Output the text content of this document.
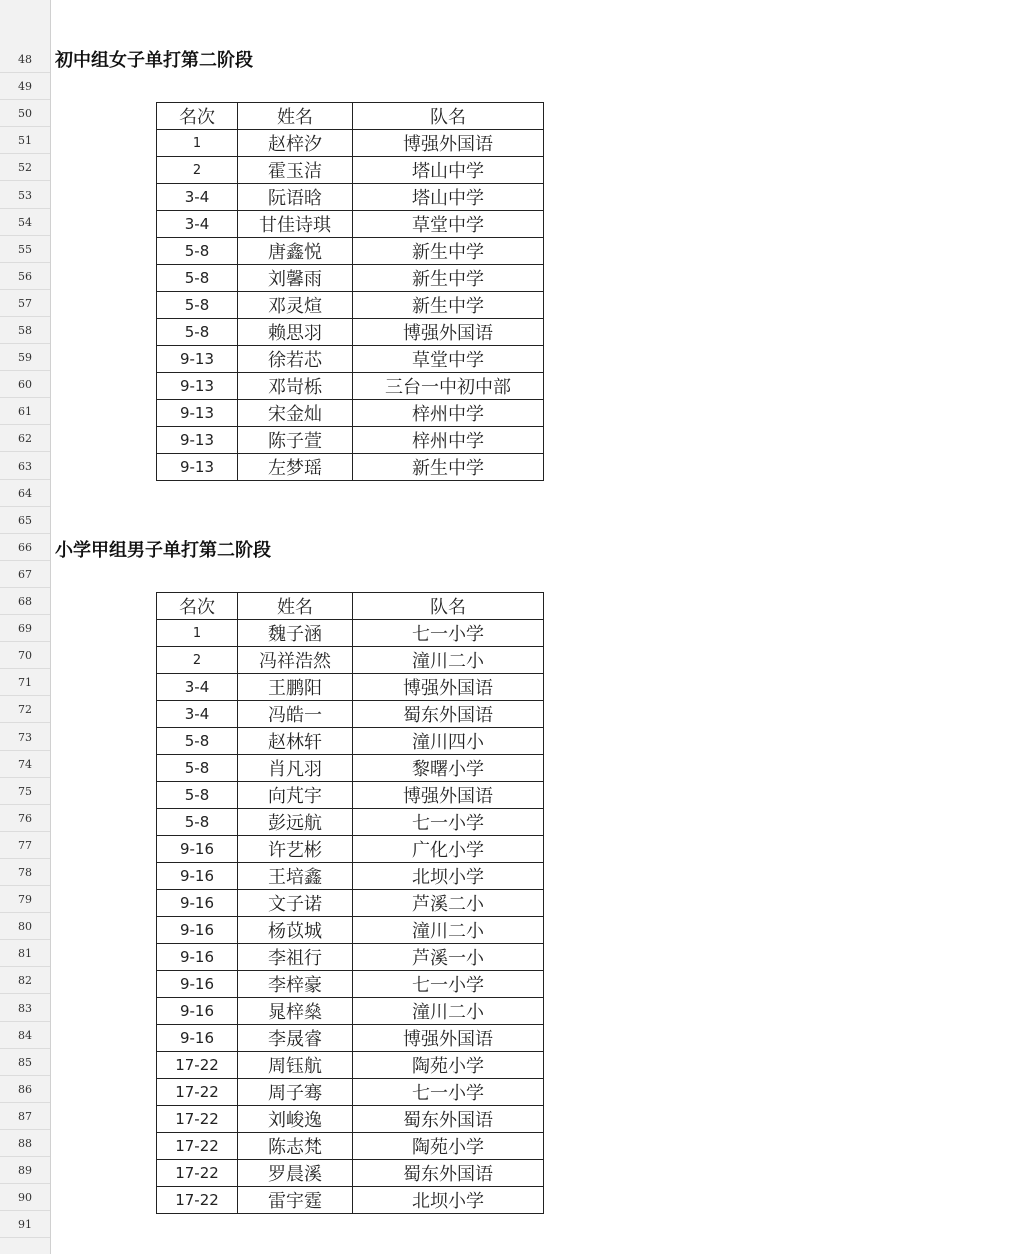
48
49
50
51
52
53
54
55
56
57
58
59
60
61
62
63
64
65
66
67
68
69
70
71
72
73
74
75
76
77
78
79
80
81
82
83
84
85
86
87
88
89
90
91
初中组女子单打第二阶段
名次	姓名	队名
1	赵梓汐	博强外国语
2	霍玉洁	塔山中学
3-4	阮语晗	塔山中学
3-4	甘佳诗琪	草堂中学
5-8	唐鑫悦	新生中学
5-8	刘馨雨	新生中学
5-8	邓灵煊	新生中学
5-8	赖思羽	博强外国语
9-13	徐若芯	草堂中学
9-13	邓岢栎	三台一中初中部
9-13	宋金灿	梓州中学
9-13	陈子萱	梓州中学
9-13	左梦瑶	新生中学
小学甲组男子单打第二阶段
名次	姓名	队名
1	魏子涵	七一小学
2	冯祥浩然	潼川二小
3-4	王鹏阳	博强外国语
3-4	冯皓一	蜀东外国语
5-8	赵林轩	潼川四小
5-8	肖凡羽	黎曙小学
5-8	向芃宇	博强外国语
5-8	彭远航	七一小学
9-16	许艺彬	广化小学
9-16	王培鑫	北坝小学
9-16	文子诺	芦溪二小
9-16	杨苡城	潼川二小
9-16	李祖行	芦溪一小
9-16	李梓豪	七一小学
9-16	晁梓燊	潼川二小
9-16	李晟睿	博强外国语
17-22	周钰航	陶苑小学
17-22	周子骞	七一小学
17-22	刘峻逸	蜀东外国语
17-22	陈志梵	陶苑小学
17-22	罗晨溪	蜀东外国语
17-22	雷宇霆	北坝小学
